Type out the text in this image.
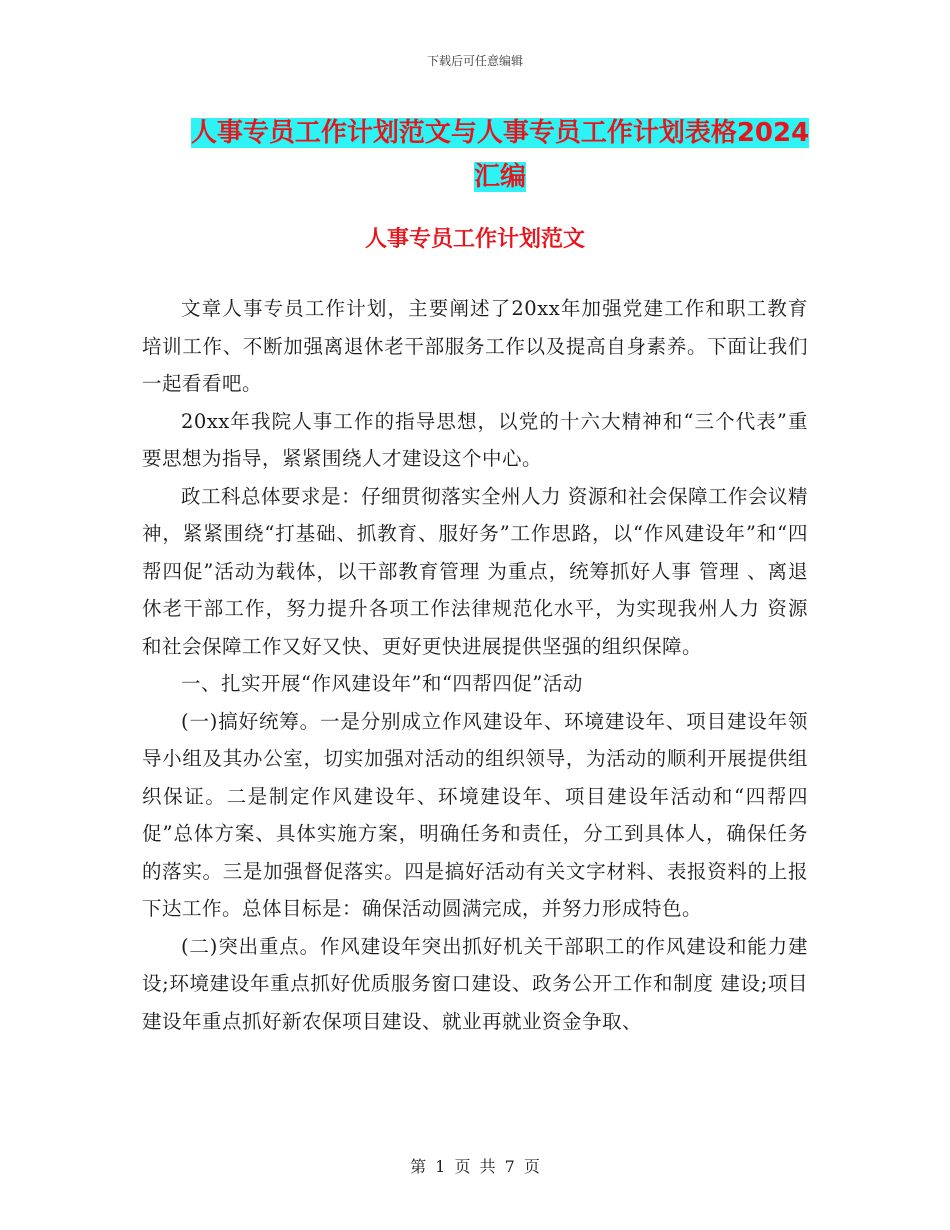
下载后可任意编辑
人事专员工作计划范文与人事专员工作计划表格2024汇编
人事专员工作计划范文

文章人事专员工作计划，主要阐述了20xx年加强党建工作和职工教育培训工作、不断加强离退休老干部服务工作以及提高自身素养。下面让我们一起看看吧。

20xx年我院人事工作的指导思想，以党的十六大精神和“三个代表”重要思想为指导，紧紧围绕人才建设这个中心。

政工科总体要求是：仔细贯彻落实全州人力 资源和社会保障工作会议精神，紧紧围绕“打基础、抓教育、服好务”工作思路，以“作风建设年”和“四帮四促”活动为载体，以干部教育管理 为重点，统筹抓好人事 管理 、离退休老干部工作，努力提升各项工作法律规范化水平，为实现我州人力 资源和社会保障工作又好又快、更好更快进展提供坚强的组织保障。

一、扎实开展“作风建设年”和“四帮四促”活动

(一)搞好统筹。一是分别成立作风建设年、环境建设年、项目建设年领导小组及其办公室，切实加强对活动的组织领导，为活动的顺利开展提供组织保证。二是制定作风建设年、环境建设年、项目建设年活动和“四帮四促”总体方案、具体实施方案，明确任务和责任，分工到具体人，确保任务的落实。三是加强督促落实。四是搞好活动有关文字材料、表报资料的上报下达工作。总体目标是：确保活动圆满完成，并努力形成特色。

(二)突出重点。作风建设年突出抓好机关干部职工的作风建设和能力建设;环境建设年重点抓好优质服务窗口建设、政务公开工作和制度 建设;项目建设年重点抓好新农保项目建设、就业再就业资金争取、

第 1 页 共 7 页
